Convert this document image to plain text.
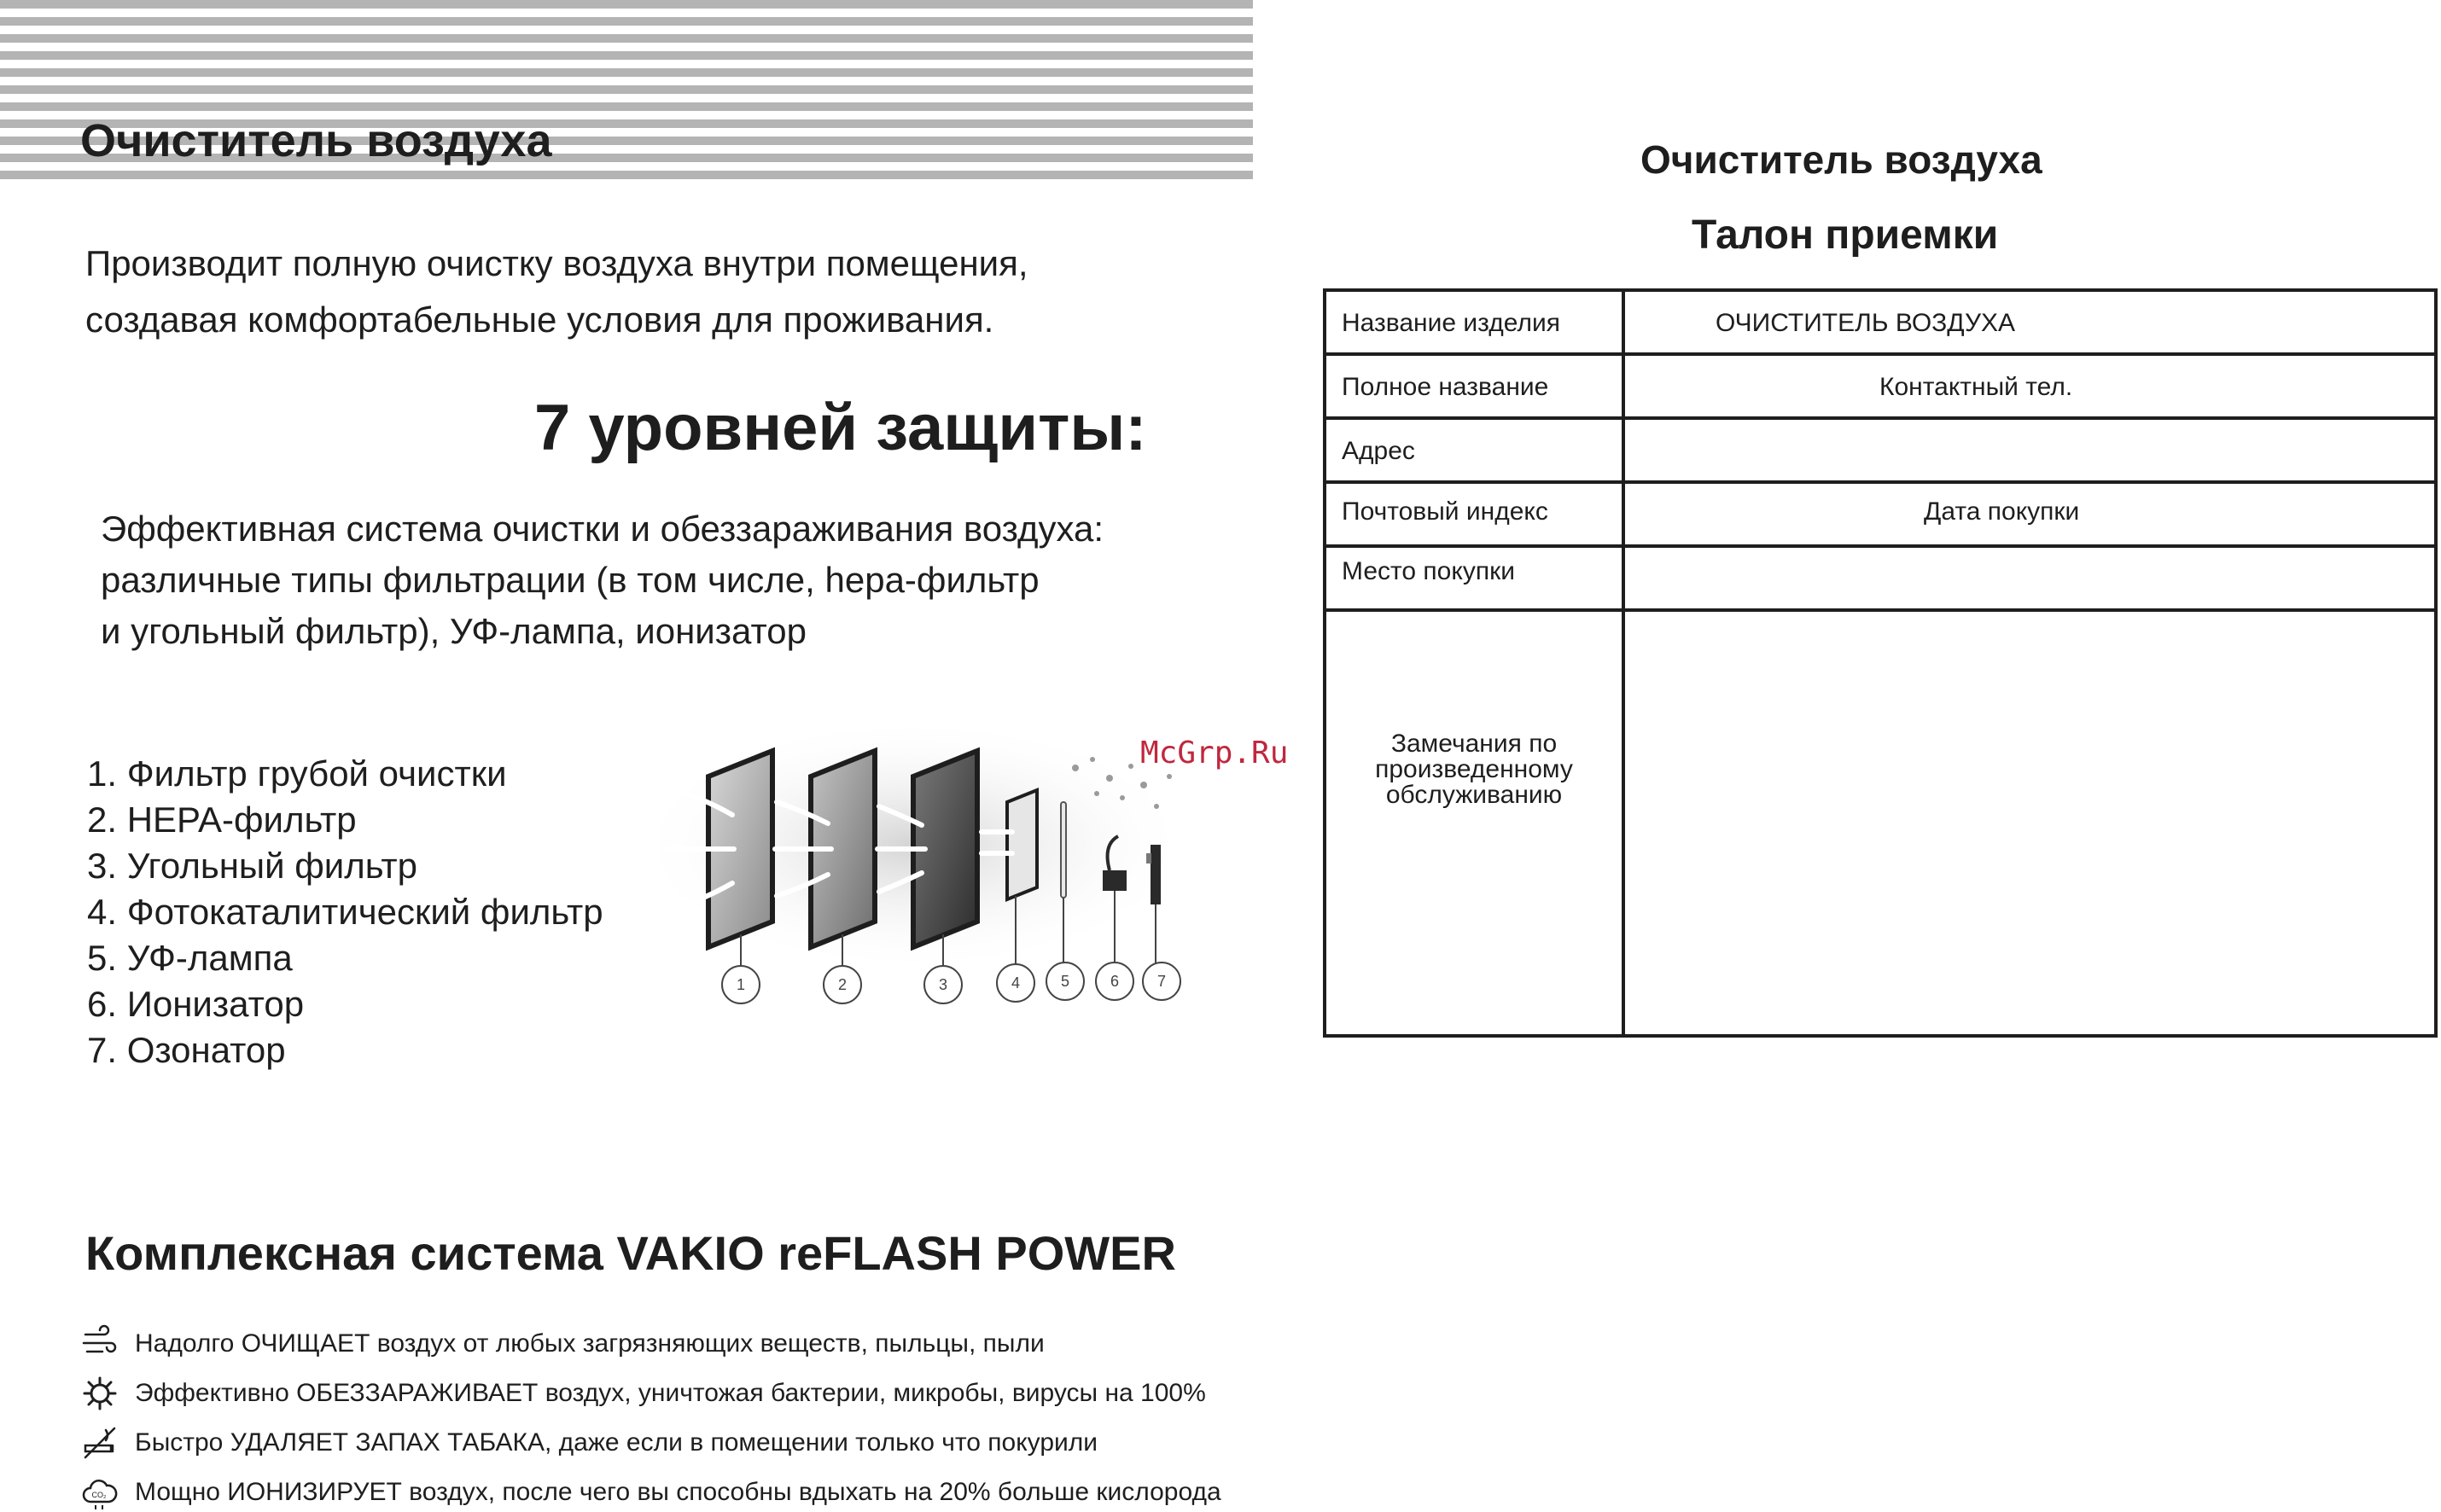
Очиститель воздуха
Производит полную очистку воздуха внутри помещения,
создавая комфортабельные условия для проживания.
7 уровней защиты:
Эффективная система очистки и обеззараживания воздуха:
различные типы фильтрации (в том числе, hepa-фильтр
и угольный фильтр), УФ-лампа, ионизатор
1. Фильтр грубой очистки
2. HEPA-фильтр
3. Угольный фильтр
4. Фотокаталитический фильтр
5. УФ-лампа
6. Ионизатор
7. Озонатор
1	2	3	4	5	6 7
McGrp.Ru
Комплексная система VAKIO reFLASH POWER
Надолго ОЧИЩАЕТ воздух от любых загрязняющих веществ, пыльцы, пыли
Эффективно ОБЕЗЗАРАЖИВАЕТ воздух, уничтожая бактерии, микробы, вирусы на 100%
Быстро УДАЛЯЕТ ЗАПАХ ТАБАКА, даже если в помещении только что покурили
CO₂ Мощно ИОНИЗИРУЕТ воздух, после чего вы способны вдыхать на 20% больше кислорода
Очиститель воздуха
Талон приемки
Название изделия	ОЧИСТИТЕЛЬ ВОЗДУХА
Полное название	Контактный тел.
Адрес
Почтовый индекс	Дата покупки
Место покупки
Замечания по
произведенному
обслуживанию
